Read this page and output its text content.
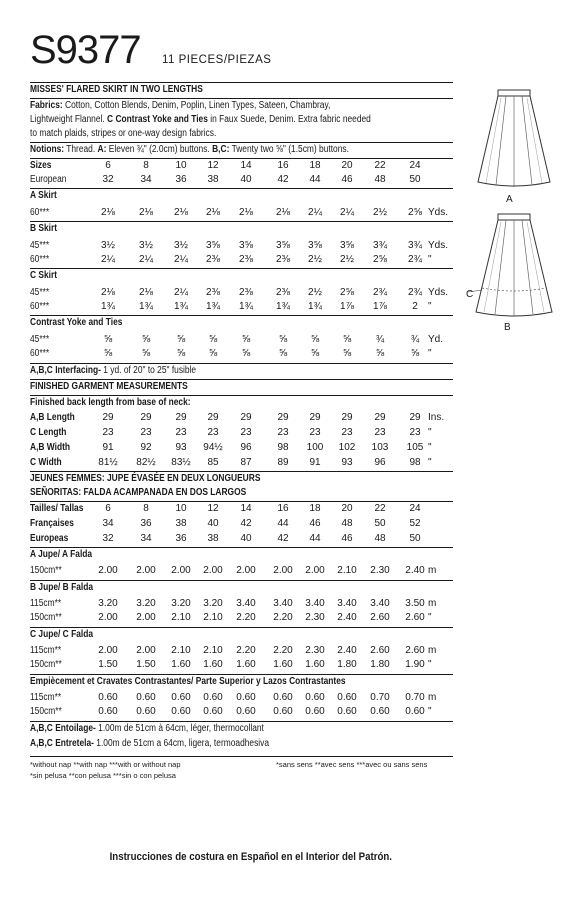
S9377 11 PIECES/PIEZAS
MISSES' FLARED SKIRT IN TWO LENGTHS
Fabrics: Cotton, Cotton Blends, Denim, Poplin, Linen Types, Sateen, Chambray,
Lightweight Flannel. C Contrast Yoke and Ties in Faux Suede, Denim. Extra fabric needed
to match plaids, stripes or one-way design fabrics.
Notions: Thread. A: Eleven ¾" (2.0cm) buttons. B,C: Twenty two ⅝" (1.5cm) buttons.
Sizes	6	8	10 12 14	16 18 20 22 24
European	32	34 36 38 40	42 44 46 48 50
A Skirt
60***	2⅛ 2⅛ 2⅛ 2⅛ 2⅛ 2⅛ 2¼ 2¼ 2½ 2⅝ Yds.
B Skirt
45***	3½ 3½ 3½ 3⅝ 3⅝ 3⅝ 3⅝ 3⅝ 3¾ 3¾ Yds.
60***	2¼ 2¼ 2¼ 2⅜ 2⅜ 2⅜ 2½ 2½ 2⅝ 2¾ "
C Skirt
45***	2⅛ 2⅛ 2¼ 2⅜ 2⅜ 2⅜ 2½ 2⅝ 2¾ 2¾ Yds.
60***	1¾ 1¾ 1¾ 1¾ 1¾ 1¾ 1¾ 1⅞ 1⅞	2 "
Contrast Yoke and Ties
45***	⅝	⅝	⅝ ⅝ ⅝	⅝ ⅝ ⅝ ¾	¾ Yd.
60***	⅝	⅝	⅝ ⅝ ⅝	⅝ ⅝ ⅝ ⅝	⅝ "
A,B,C Interfacing- 1 yd. of 20" to 25" fusible
FINISHED GARMENT MEASUREMENTS
Finished back length from base of neck:
A,B Length	29	29 29 29 29	29 29 29 29 29 Ins.
C Length	23	23 23 23 23	23 23 23 23 23 "
A,B Width	91	92 93 94½ 96	98 100 102 103 105 "
C Width	81½ 82½ 83½ 85 87	89 91 93 96 98 "
JEUNES FEMMES: JUPE ÉVASÉE EN DEUX LONGUEURS
SEÑORITAS: FALDA ACAMPANADA EN DOS LARGOS
Tailles/ Tallas 6	8	10 12 14	16 18 20 22 24
Françaises	34	36 38 40 42	44 46 48 50 52
Europeas	32	34 36 38 40	42 44 46 48 50
A Jupe/ A Falda
150cm**	2.00 2.00 2.00 2.00 2.00 2.00 2.00 2.10 2.30 2.40 m
B Jupe/ B Falda
115cm**	3.20 3.20 3.20 3.20 3.40 3.40 3.40 3.40 3.40 3.50 m
150cm**	2.00 2.00 2.10 2.10 2.20 2.20 2.30 2.40 2.60 2.60 "
C Jupe/ C Falda
115cm**	2.00 2.00 2.10 2.10 2.20 2.20 2.30 2.40 2.60 2.60 m
150cm**	1.50 1.50 1.60 1.60 1.60 1.60 1.60 1.80 1.80 1.90 "
Empiècement et Cravates Contrastantes/ Parte Superior y Lazos Contrastantes
115cm**	0.60 0.60 0.60 0.60 0.60 0.60 0.60 0.60 0.70 0.70 m
150cm**	0.60 0.60 0.60 0.60 0.60 0.60 0.60 0.60 0.60 0.60 "
A,B,C Entoilage- 1.00m de 51cm à 64cm, léger, thermocollant
A,B,C Entretela- 1.00m de 51cm a 64cm, ligera, termoadhesiva
*without nap **with nap ***with or without nap	*sans sens **avec sens ***avec ou sans sens
*sin pelusa **con pelusa ***sin o con pelusa
A
C
B
Instrucciones de costura en Español en el Interior del Patrón.
